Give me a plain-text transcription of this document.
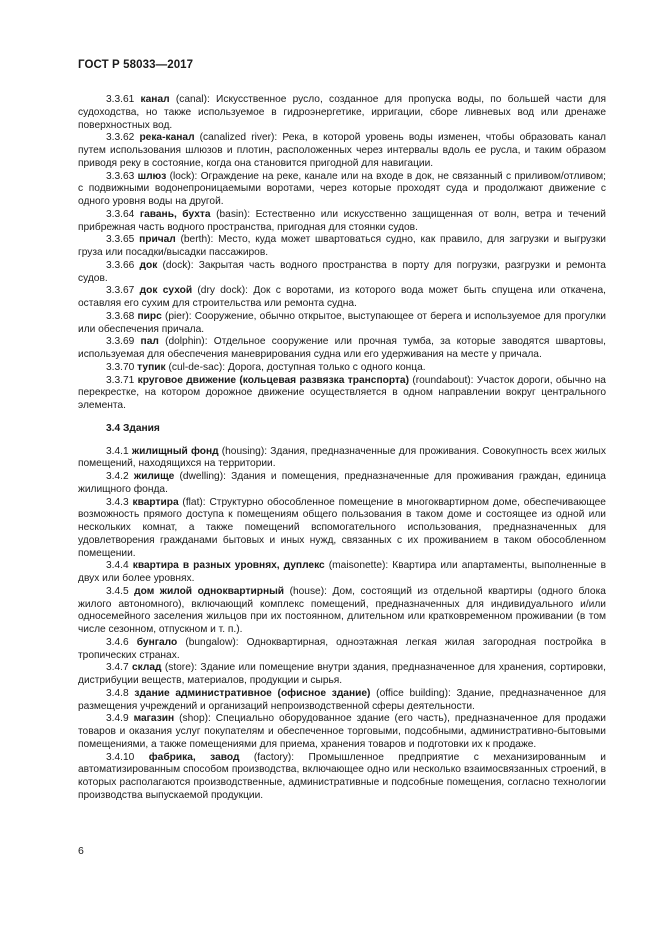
ГОСТ Р 58033—2017

3.3.61 канал (canal): Искусственное русло, созданное для пропуска воды, по большей части для судоходства, но также используемое в гидроэнергетике, ирригации, сборе ливневых вод или дренаже поверхностных вод.

3.3.62 река-канал (canalized river): Река, в которой уровень воды изменен, чтобы образовать канал путем использования шлюзов и плотин, расположенных через интервалы вдоль ее русла, и таким образом приводя реку в состояние, когда она становится пригодной для навигации.

3.3.63 шлюз (lock): Ограждение на реке, канале или на входе в док, не связанный с приливом/отливом; с подвижными водонепроницаемыми воротами, через которые проходят суда и продолжают движение с одного уровня воды на другой.

3.3.64 гавань, бухта (basin): Естественно или искусственно защищенная от волн, ветра и течений прибрежная часть водного пространства, пригодная для стоянки судов.

3.3.65 причал (berth): Место, куда может швартоваться судно, как правило, для загрузки и выгрузки груза или посадки/высадки пассажиров.

3.3.66 док (dock): Закрытая часть водного пространства в порту для погрузки, разгрузки и ремонта судов.

3.3.67 док сухой (dry dock): Док с воротами, из которого вода может быть спущена или откачена, оставляя его сухим для строительства или ремонта судна.

3.3.68 пирс (pier): Сооружение, обычно открытое, выступающее от берега и используемое для прогулки или обеспечения причала.

3.3.69 пал (dolphin): Отдельное сооружение или прочная тумба, за которые заводятся швартовы, используемая для обеспечения маневрирования судна или его удерживания на месте у причала.

3.3.70 тупик (cul-de-sac): Дорога, доступная только с одного конца.

3.3.71 круговое движение (кольцевая развязка транспорта) (roundabout): Участок дороги, обычно на перекрестке, на котором дорожное движение осуществляется в одном направлении вокруг центрального элемента.

3.4 Здания

3.4.1 жилищный фонд (housing): Здания, предназначенные для проживания. Совокупность всех жилых помещений, находящихся на территории.

3.4.2 жилище (dwelling): Здания и помещения, предназначенные для проживания граждан, единица жилищного фонда.

3.4.3 квартира (flat): Структурно обособленное помещение в многоквартирном доме, обеспечивающее возможность прямого доступа к помещениям общего пользования в таком доме и состоящее из одной или нескольких комнат, а также помещений вспомогательного использования, предназначенных для удовлетворения гражданами бытовых и иных нужд, связанных с их проживанием в таком обособленном помещении.

3.4.4 квартира в разных уровнях, дуплекс (maisonette): Квартира или апартаменты, выполненные в двух или более уровнях.

3.4.5 дом жилой одноквартирный (house): Дом, состоящий из отдельной квартиры (одного блока жилого автономного), включающий комплекс помещений, предназначенных для индивидуального и/или односемейного заселения жильцов при их постоянном, длительном или кратковременном проживании (в том числе сезонном, отпускном и т. п.).

3.4.6 бунгало (bungalow): Одноквартирная, одноэтажная легкая жилая загородная постройка в тропических странах.

3.4.7 склад (store): Здание или помещение внутри здания, предназначенное для хранения, сортировки, дистрибуции веществ, материалов, продукции и сырья.

3.4.8 здание административное (офисное здание) (office building): Здание, предназначенное для размещения учреждений и организаций непроизводственной сферы деятельности.

3.4.9 магазин (shop): Специально оборудованное здание (его часть), предназначенное для продажи товаров и оказания услуг покупателям и обеспеченное торговыми, подсобными, административно-бытовыми помещениями, а также помещениями для приема, хранения товаров и подготовки их к продаже.

3.4.10 фабрика, завод (factory): Промышленное предприятие с механизированным и автоматизированным способом производства, включающее одно или несколько взаимосвязанных строений, в которых располагаются производственные, административные и подсобные помещения, согласно технологии производства выпускаемой продукции.

6
